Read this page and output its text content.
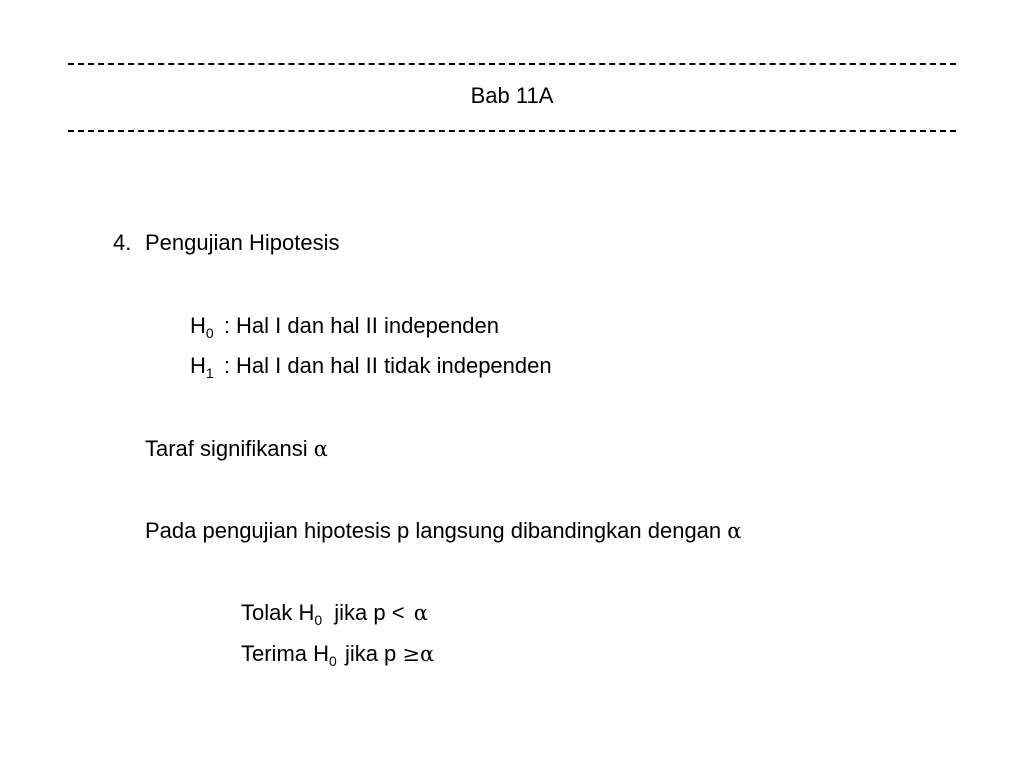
Bab 11A
4. Pengujian Hipotesis
$H_0$ : Hal I dan hal II independen
$H_1$ : Hal I dan hal II tidak independen
Taraf signifikansi α
Pada pengujian hipotesis p langsung dibandingkan dengan α
Tolak $H_0$ jika p < α
Terima $H_0$ jika p ≥α
